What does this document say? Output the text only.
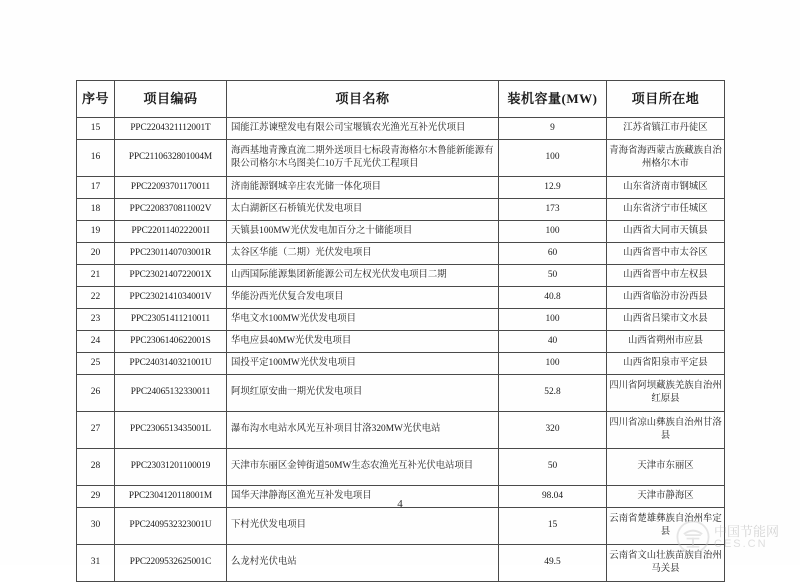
序号	项目编码	项目名称	装机容量(MW)	项目所在地
15	PPC2204321112001T	国能江苏谏壁发电有限公司宝堰镇农光渔光互补光伏项目	9	江苏省镇江市丹徒区
16	PPC2110632801004M	海西基地青豫直流二期外送项目七标段青海格尔木鲁能新能源有限公司格尔木乌图美仁10万千瓦光伏工程项目	100	青海省海西蒙古族藏族自治州格尔木市
17	PPC22093701170011	济南能源钢城辛庄农光储一体化项目	12.9	山东省济南市钢城区
18	PPC2208370811002V	太白湖新区石桥镇光伏发电项目	173	山东省济宁市任城区
19	PPC2201140222001I	天镇县100MW光伏发电加百分之十储能项目	100	山西省大同市天镇县
20	PPC2301140703001R	太谷区华能（二期）光伏发电项目	60	山西省晋中市太谷区
21	PPC2302140722001X	山西国际能源集团新能源公司左权光伏发电项目二期	50	山西省晋中市左权县
22	PPC2302141034001V	华能汾西光伏复合发电项目	40.8	山西省临汾市汾西县
23	PPC23051411210011	华电文水100MW光伏发电项目	100	山西省吕梁市文水县
24	PPC2306140622001S	华电应县40MW光伏发电项目	40	山西省朔州市应县
25	PPC2403140321001U	国投平定100MW光伏发电项目	100	山西省阳泉市平定县
26	PPC24065132330011	阿坝红原安曲一期光伏发电项目	52.8	四川省阿坝藏族羌族自治州红原县
27	PPC2306513435001L	瀑布沟水电站水风光互补项目甘洛320MW光伏电站	320	四川省凉山彝族自治州甘洛县
28	PPC23031201100019	天津市东丽区金钟街道50MW生态农渔光互补光伏电站项目	50	天津市东丽区
29	PPC2304120118001M	国华天津静海区渔光互补发电项目	98.04	天津市静海区
30	PPC2409532323001U	下村光伏发电项目	15	云南省楚雄彝族自治州牟定县
31	PPC2209532625001C	么龙村光伏电站	49.5	云南省文山壮族苗族自治州马关县
4
中国节能网
CES.CN
